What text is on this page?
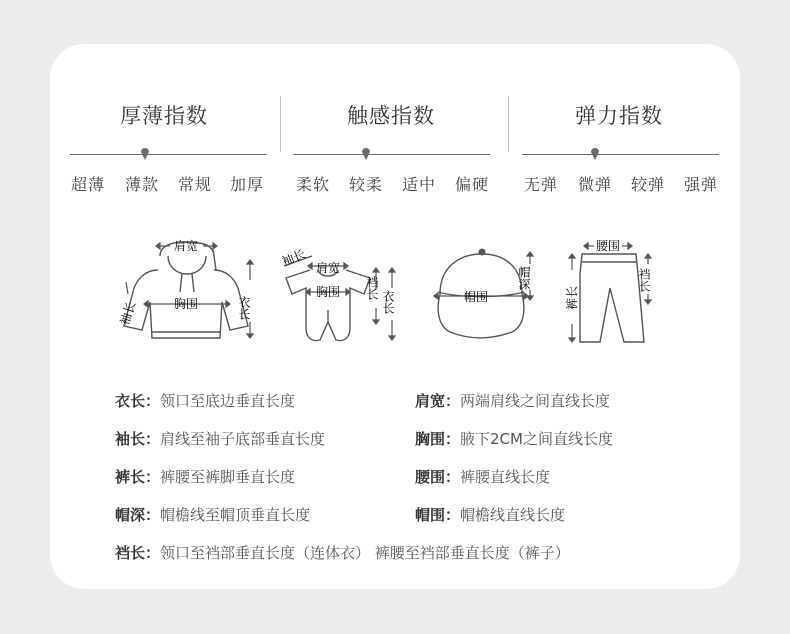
厚薄指数
超薄 薄款 常规 加厚
触感指数
柔软 较柔 适中 偏硬
弹力指数
无弹 微弹 较弹 强弹
肩宽
胸围	衣长
袖长
肩宽
胸围 裆长
衣长
袖长
帽围
帽深
腰围
裤长
裆长
衣长：领口至底边垂直长度	肩宽：两端肩线之间直线长度
袖长：肩线至袖子底部垂直长度	胸围：腋下2CM之间直线长度
裤长：裤腰至裤脚垂直长度	腰围：裤腰直线长度
帽深：帽檐线至帽顶垂直长度	帽围：帽檐线直线长度
裆长：领口至裆部垂直长度（连体衣） 裤腰至裆部垂直长度（裤子）
